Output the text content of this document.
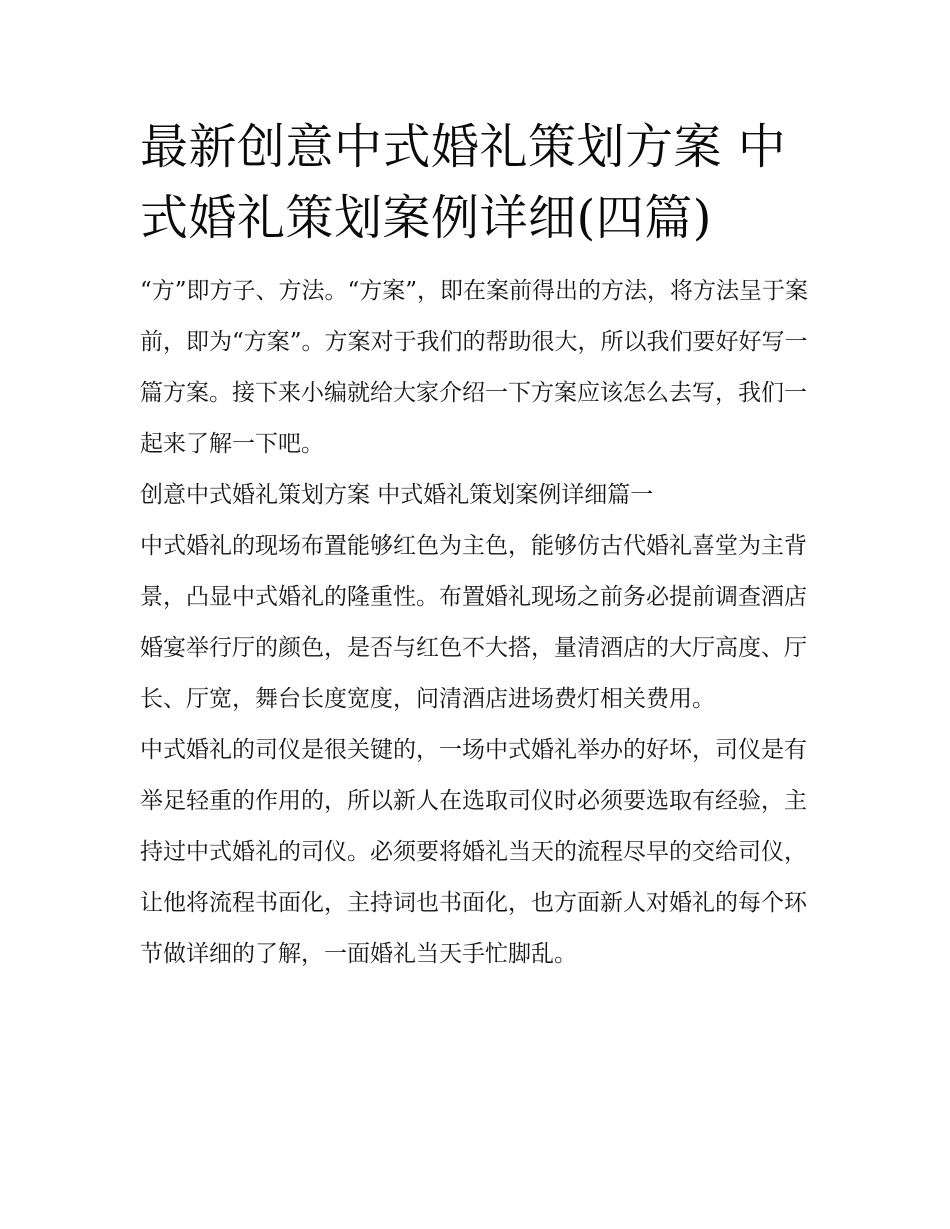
最新创意中式婚礼策划方案 中式婚礼策划案例详细(四篇)

“方”即方子、方法。“方案”，即在案前得出的方法，将方法呈于案前，即为“方案”。方案对于我们的帮助很大，所以我们要好好写一篇方案。接下来小编就给大家介绍一下方案应该怎么去写，我们一起来了解一下吧。

创意中式婚礼策划方案 中式婚礼策划案例详细篇一

中式婚礼的现场布置能够红色为主色，能够仿古代婚礼喜堂为主背景，凸显中式婚礼的隆重性。布置婚礼现场之前务必提前调查酒店婚宴举行厅的颜色，是否与红色不大搭，量清酒店的大厅高度、厅长、厅宽，舞台长度宽度，问清酒店进场费灯相关费用。

中式婚礼的司仪是很关键的，一场中式婚礼举办的好坏，司仪是有举足轻重的作用的，所以新人在选取司仪时必须要选取有经验，主持过中式婚礼的司仪。必须要将婚礼当天的流程尽早的交给司仪，让他将流程书面化，主持词也书面化，也方面新人对婚礼的每个环节做详细的了解，一面婚礼当天手忙脚乱。
